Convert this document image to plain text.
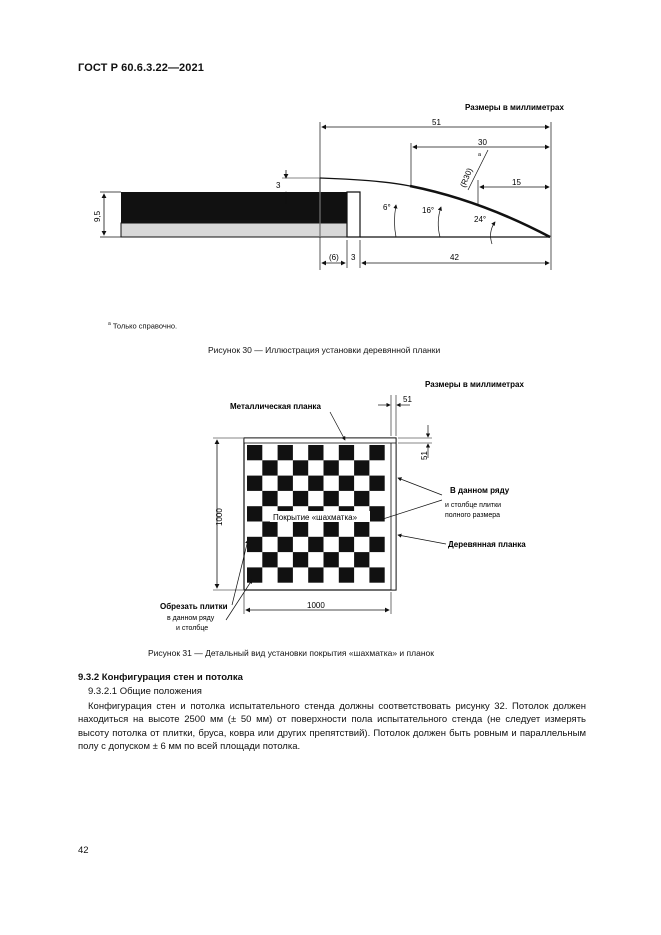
ГОСТ Р 60.6.3.22—2021
Размеры в миллиметрах
51
30
15
9,5
3	(R30)
a
6°	16°
24°
(6) 3	42
$^a$ Только справочно.
Рисунок 30 — Иллюстрация установки деревянной планки
Размеры в миллиметрах
Покрытие «шахматка»
Металлическая планка
51
51
В данном ряду
и столбце плитки
полного размера
Деревянная планка
1000
1000
Обрезать плитки
в данном ряду
и столбце
Рисунок 31 — Детальный вид установки покрытия «шахматка» и планок
9.3.2 Конфигурация стен и потолка
9.3.2.1 Общие положения
Конфигурация стен и потолка испытательного стенда должны соответствовать рисунку 32. Потолок должен находиться на высоте 2500 мм (± 50 мм) от поверхности пола испытательного стенда (не следует измерять высоту потолка от плитки, бруса, ковра или других препятствий). Потолок должен быть ровным и параллельным полу с допуском ± 6 мм по всей площади потолка.
42
